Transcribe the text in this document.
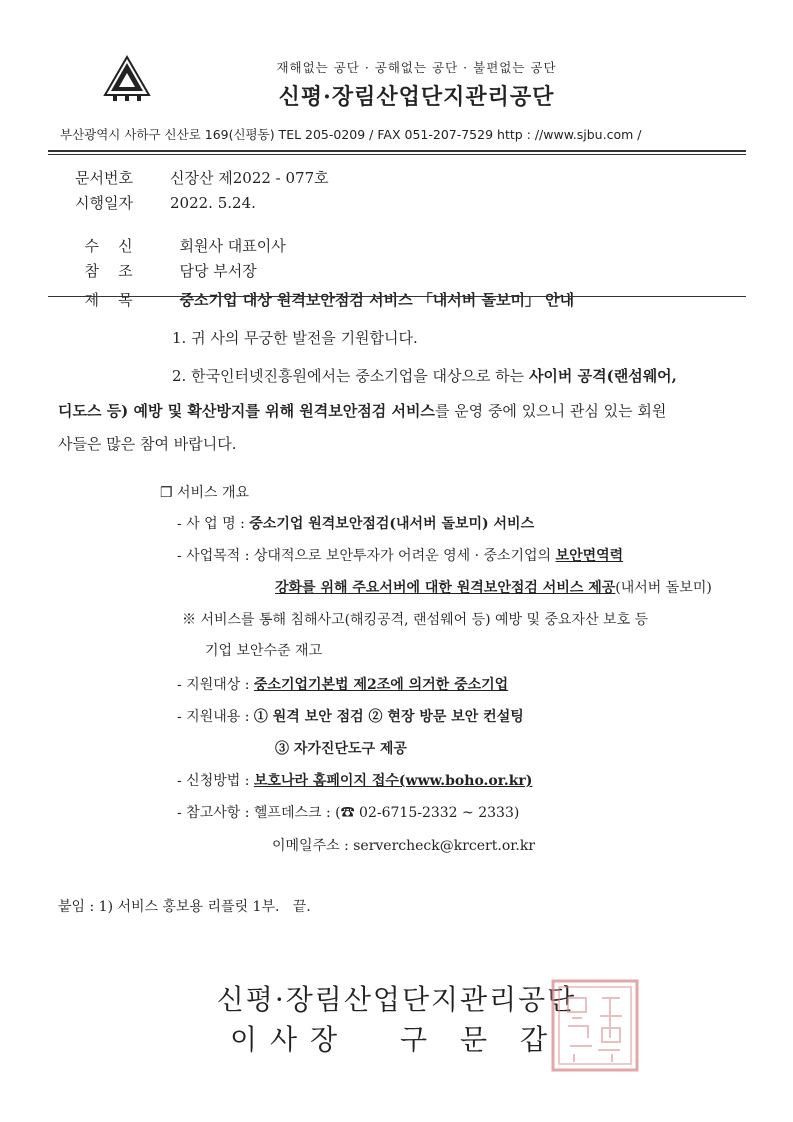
재해없는 공단 · 공해없는 공단 · 불편없는 공단
신평·장림산업단지관리공단
부산광역시 사하구 신산로 169(신평동) TEL 205-0209 / FAX 051-207-7529 http : //www.sjbu.com /
문서번호 신장산 제2022 - 077호
시행일자 2022. 5.24.

수    신	회원사 대표이사

참    조	담당 부서장

제    목	중소기업 대상 원격보안점검 서비스 「내서버 돌보미」 안내

1. 귀 사의 무궁한 발전을 기원합니다.
2. 한국인터넷진흥원에서는 중소기업을 대상으로 하는 사이버 공격(랜섬웨어,
디도스 등) 예방 및 확산방지를 위해 원격보안점검 서비스를 운영 중에 있으니 관심 있는 회원
사들은 많은 참여 바랍니다.
❒ 서비스 개요
- 사 업 명 : 중소기업 원격보안점검(내서버 돌보미) 서비스
- 사업목적 : 상대적으로 보안투자가 어려운 영세 · 중소기업의 보안면역력
강화를 위해 주요서버에 대한 원격보안점검 서비스 제공(내서버 돌보미)
※ 서비스를 통해 침해사고(해킹공격, 랜섬웨어 등) 예방 및 중요자산 보호 등
기업 보안수준 재고
- 지원대상 : 중소기업기본법 제2조에 의거한 중소기업
- 지원내용 : ① 원격 보안 점검 ② 현장 방문 보안 컨설팅
③ 자가진단도구 제공
- 신청방법 : 보호나라 홈페이지 접수(www.boho.or.kr)
- 참고사항 : 헬프데스크 : (☎ 02-6715-2332 ~ 2333)
이메일주소 : servercheck@krcert.or.kr
붙임 : 1) 서비스 홍보용 리플릿 1부.   끝.
신평·장림산업단지관리공단
이 사 장 구 문 갑
